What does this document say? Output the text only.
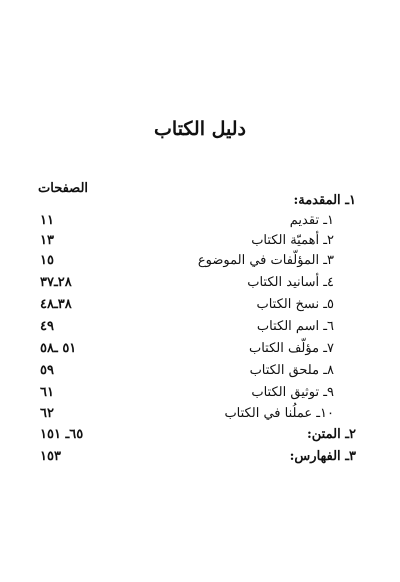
دليل الكتاب
الصفحات
١ـ المقدمة:
١ـ تقديم
١١
٢ـ أهميّة الكتاب
١٣
٣ـ المؤلّفات في الموضوع
١٥
٤ـ أسانيد الكتاب
٢٨ـ٣٧
٥ـ نسخ الكتاب
٣٨ـ٤٨
٦ـ اسم الكتاب
٤٩
٧ـ مؤلّف الكتاب
٥١ ـ٥٨
٨ـ ملحق الكتاب
٥٩
٩ـ توثيق الكتاب
٦١
١٠ـ عملُنا في الكتاب
٦٢
٢ـ المتن:
٦٥ـ ١٥١
٣ـ الفهارس:
١٥٣
